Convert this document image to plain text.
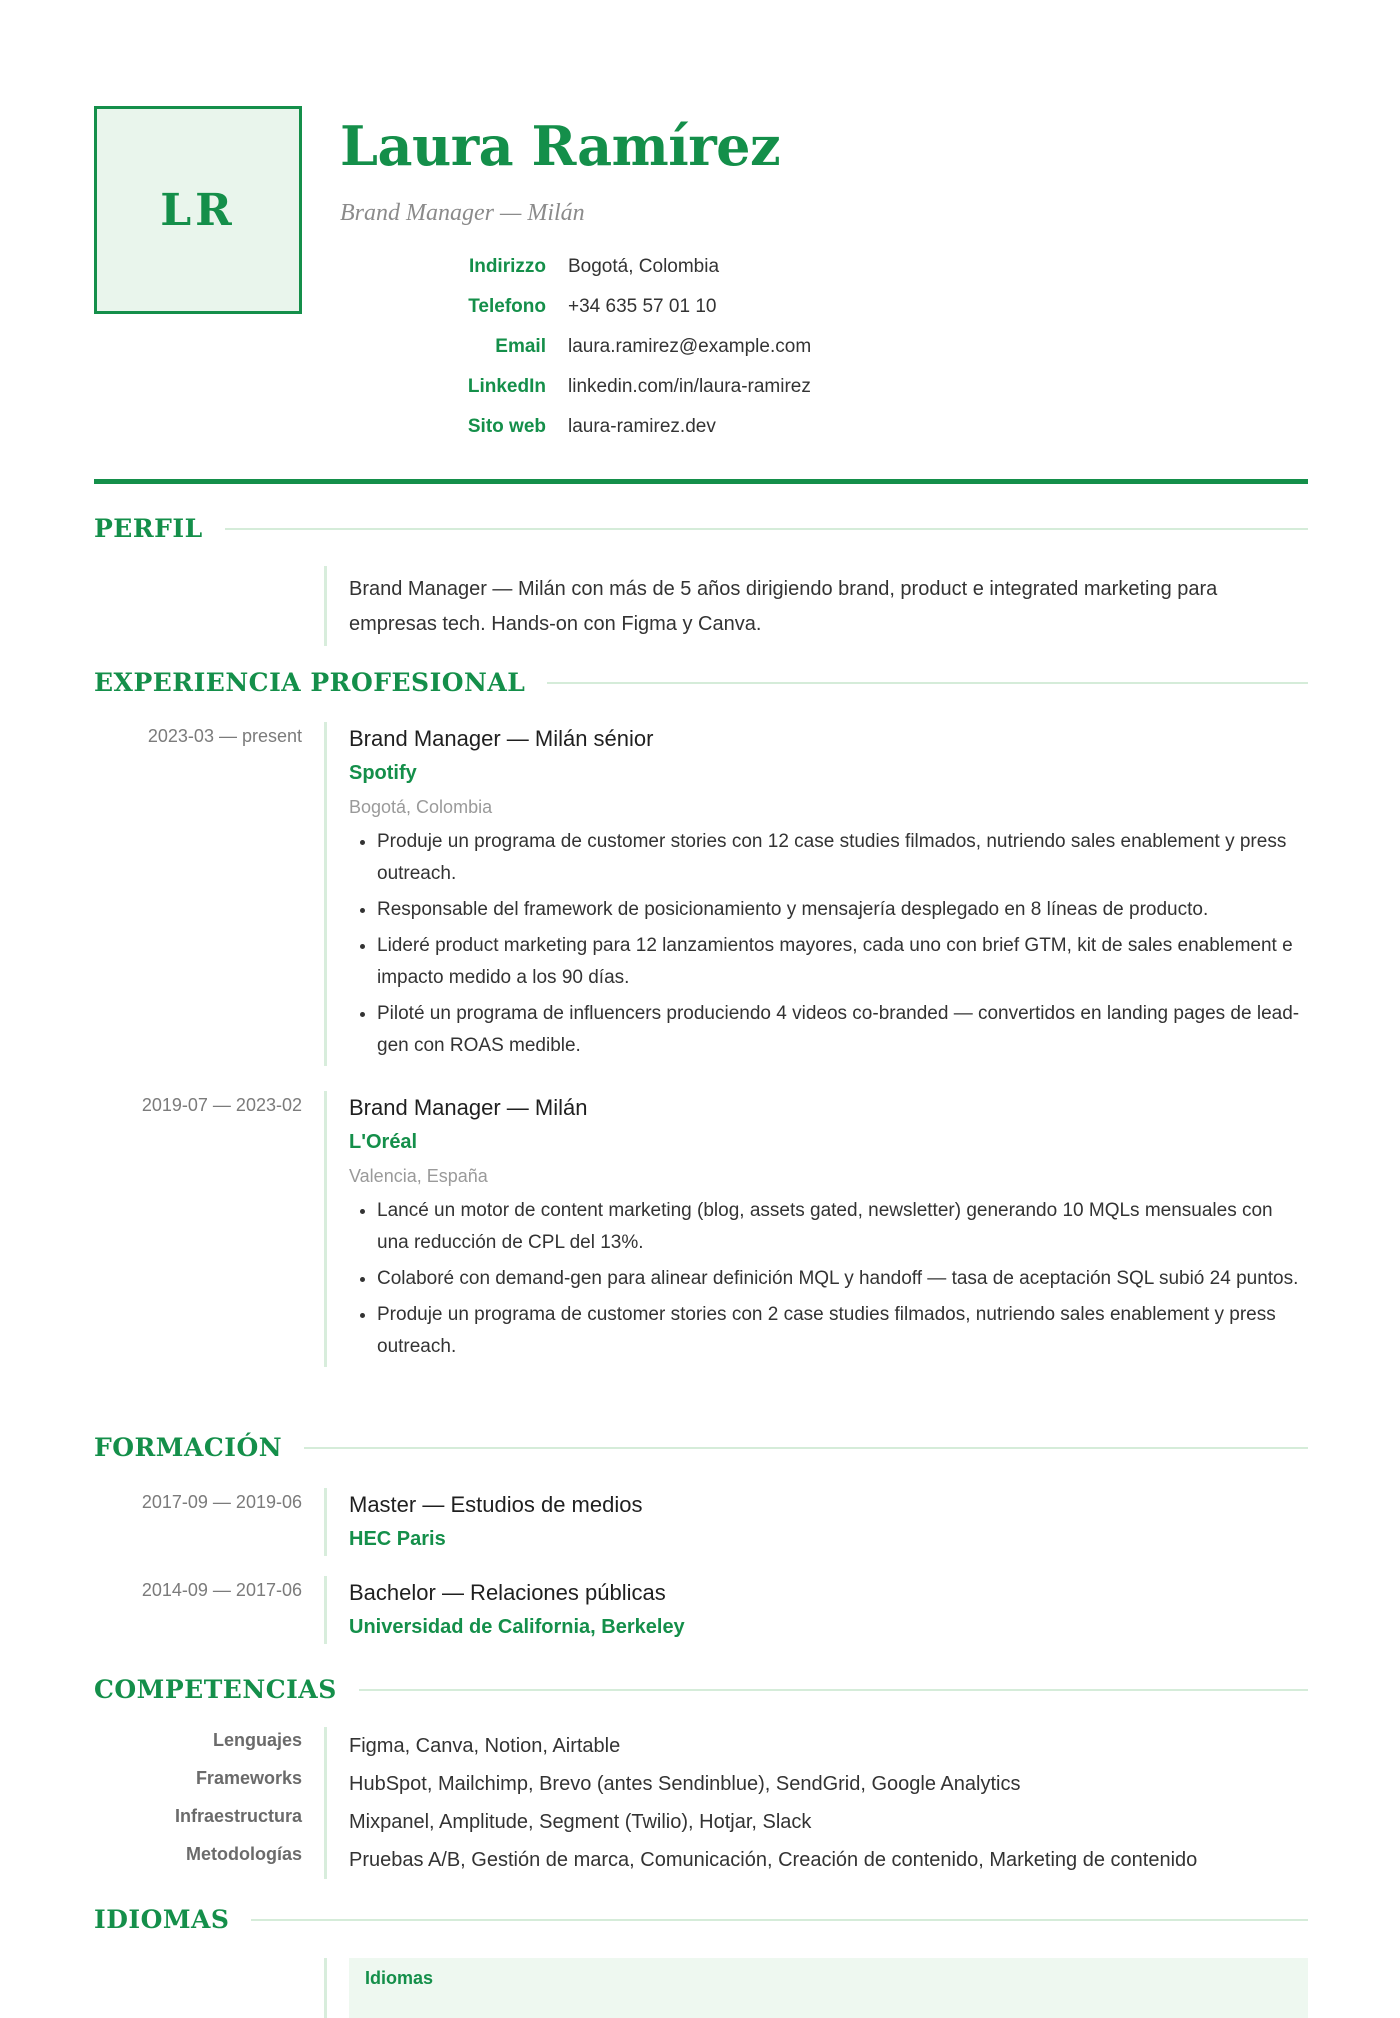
LR
Laura Ramírez
Brand Manager — Milán
Indirizzo Bogotá, Colombia
Telefono +34 635 57 01 10
Email laura.ramirez@example.com
LinkedIn linkedin.com/in/laura-ramirez
Sito web laura-ramirez.dev
PERFIL
Brand Manager — Milán con más de 5 años dirigiendo brand, product e integrated marketing para empresas tech. Hands-on con Figma y Canva.
EXPERIENCIA PROFESIONAL
2023-03 — present Brand Manager — Milán sénior
Spotify
Bogotá, Colombia
• Produje un programa de customer stories con 12 case studies filmados, nutriendo sales enablement y press outreach.
• Responsable del framework de posicionamiento y mensajería desplegado en 8 líneas de producto.
• Lideré product marketing para 12 lanzamientos mayores, cada uno con brief GTM, kit de sales enablement e impacto medido a los 90 días.
• Piloté un programa de influencers produciendo 4 videos co-branded — convertidos en landing pages de lead-gen con ROAS medible.
2019-07 — 2023-02 Brand Manager — Milán
L'Oréal
Valencia, España
• Lancé un motor de content marketing (blog, assets gated, newsletter) generando 10 MQLs mensuales con una reducción de CPL del 13%.
• Colaboré con demand-gen para alinear definición MQL y handoff — tasa de aceptación SQL subió 24 puntos.
• Produje un programa de customer stories con 2 case studies filmados, nutriendo sales enablement y press outreach.
FORMACIÓN
2017-09 — 2019-06 Master — Estudios de medios
HEC Paris
2014-09 — 2017-06 Bachelor — Relaciones públicas
Universidad de California, Berkeley
COMPETENCIAS
Lenguajes	Figma, Canva, Notion, Airtable
Frameworks	HubSpot, Mailchimp, Brevo (antes Sendinblue), SendGrid, Google Analytics
Infraestructura	Mixpanel, Amplitude, Segment (Twilio), Hotjar, Slack
Metodologías	Pruebas A/B, Gestión de marca, Comunicación, Creación de contenido, Marketing de contenido
IDIOMAS
Idiomas
